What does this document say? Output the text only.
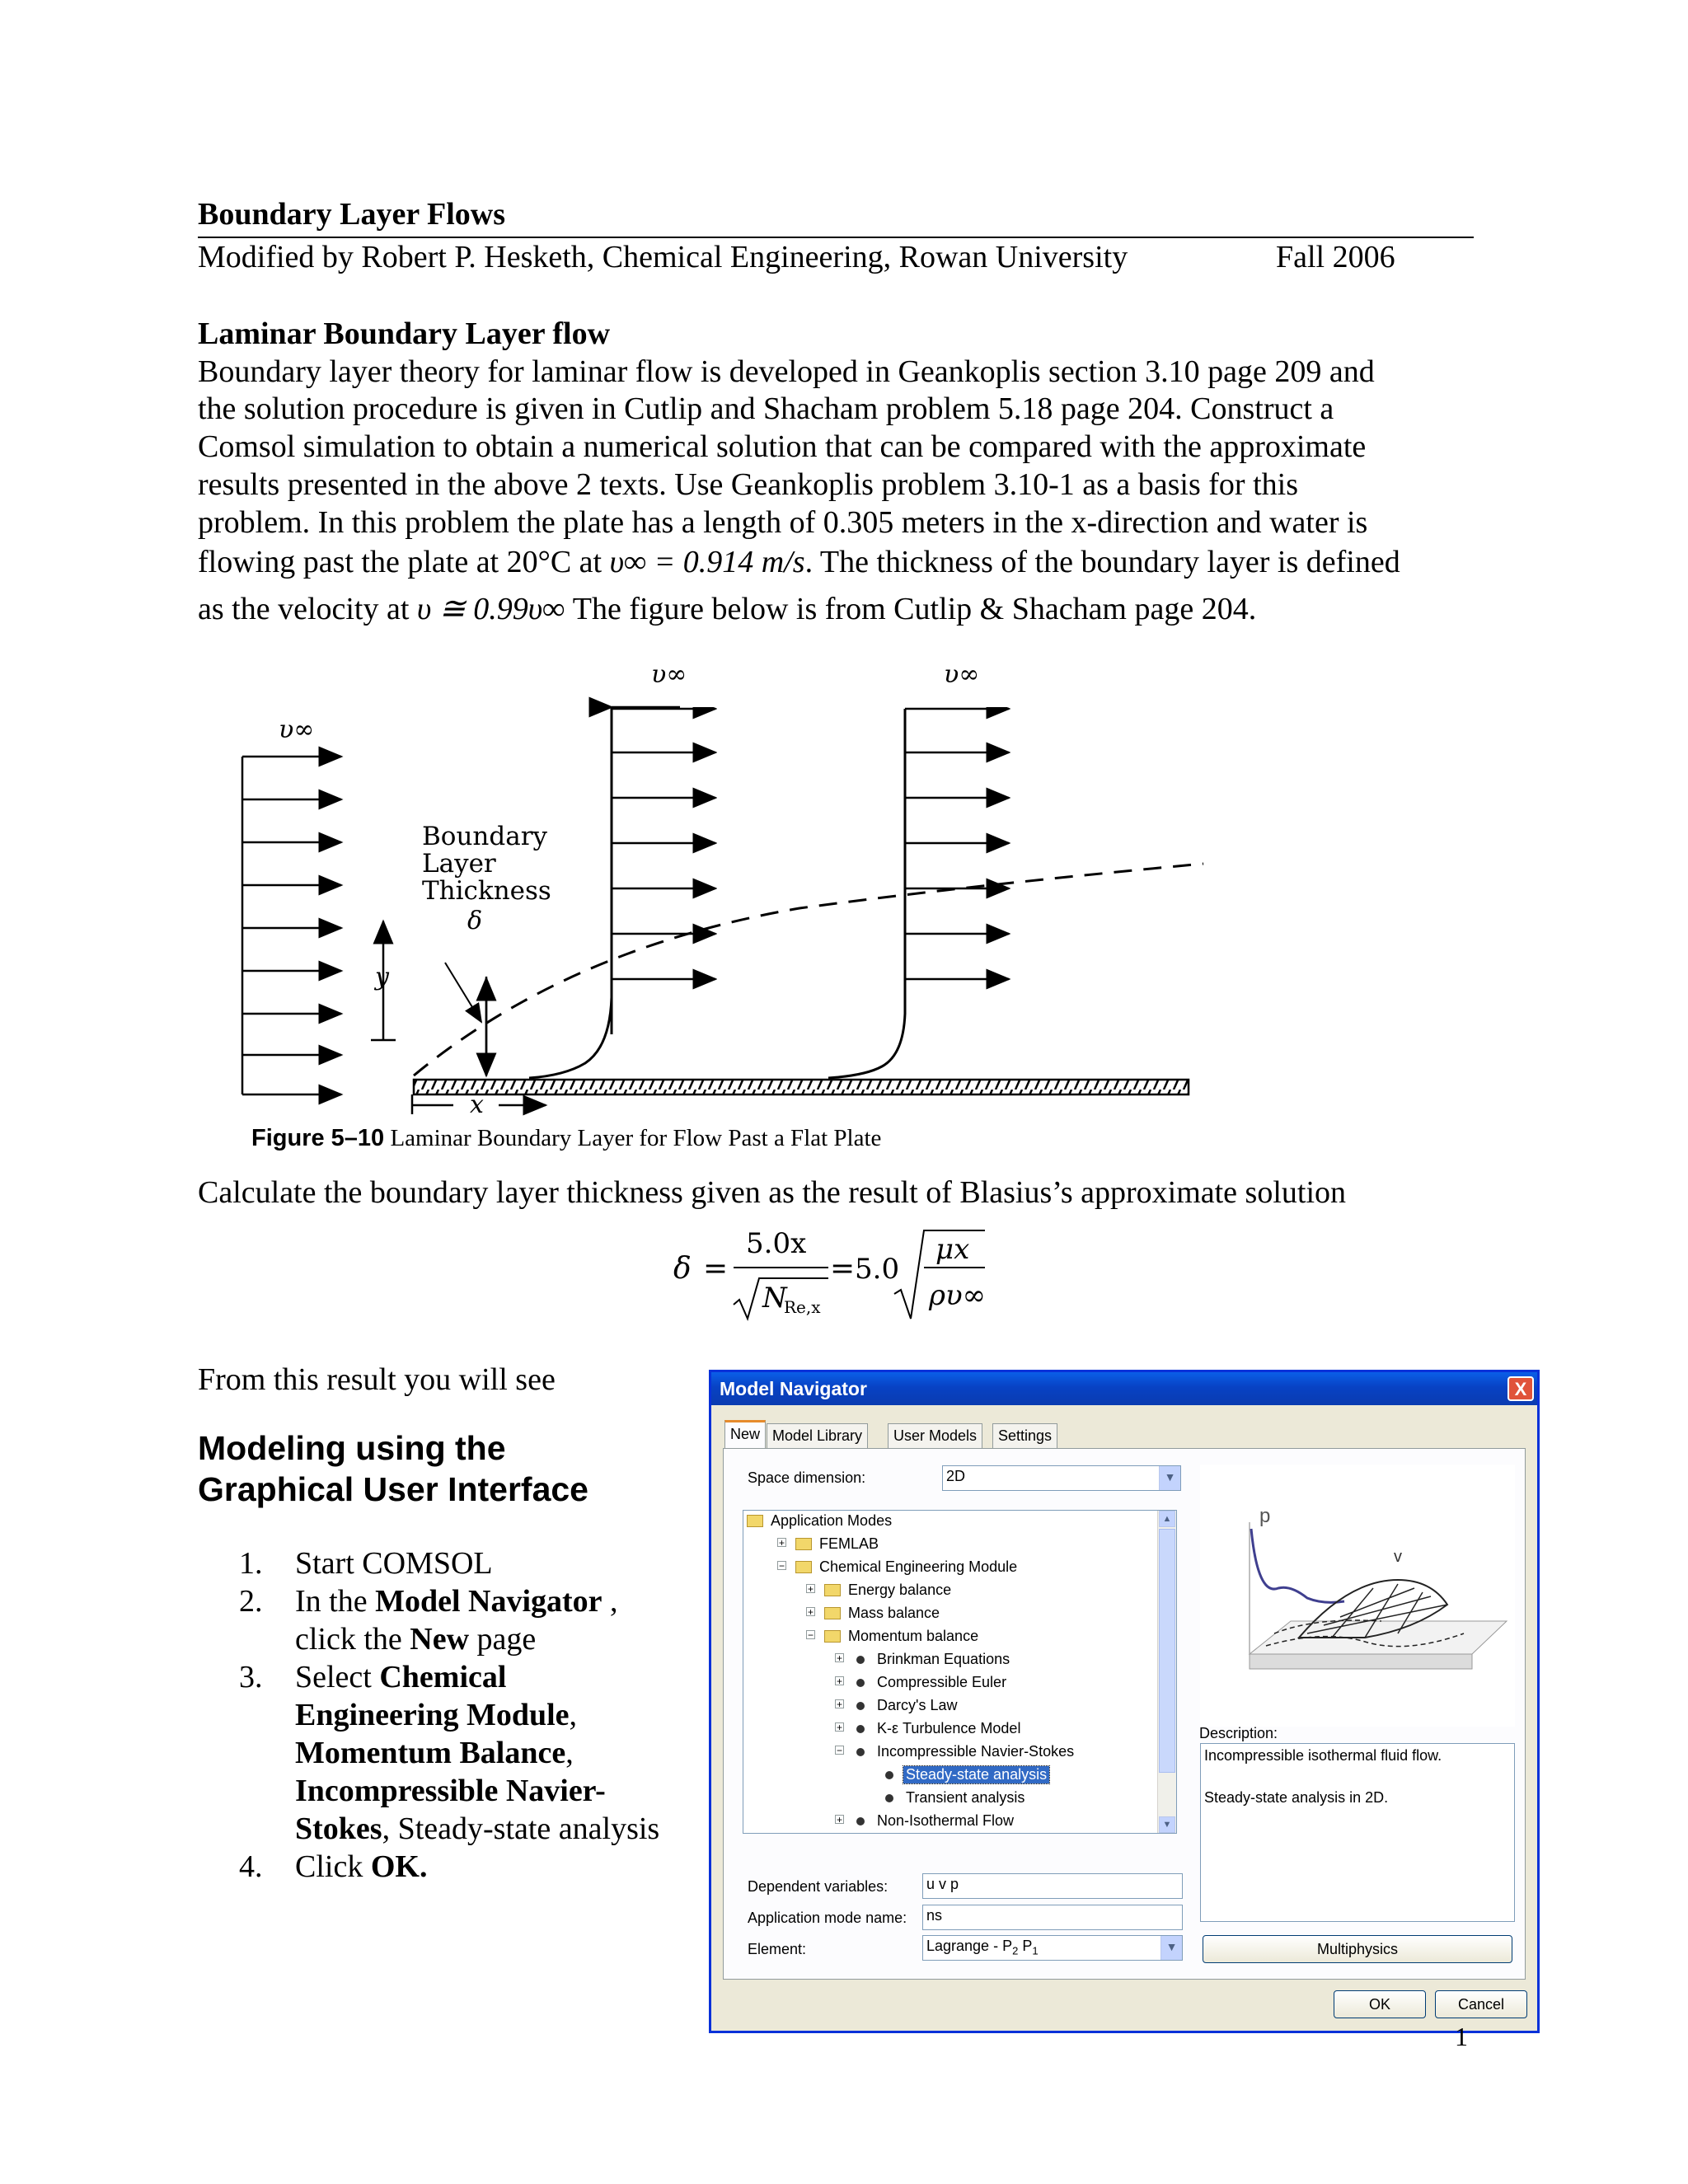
Boundary Layer Flows
Modified by Robert P. Hesketh, Chemical Engineering, Rowan University	Fall 2006
Laminar Boundary Layer flow
Boundary layer theory for laminar flow is developed in Geankoplis section 3.10 page 209 and
the solution procedure is given in Cutlip and Shacham problem 5.18 page 204. Construct a
Comsol simulation to obtain a numerical solution that can be compared with the approximate
results presented in the above 2 texts. Use Geankoplis problem 3.10-1 as a basis for this
problem. In this problem the plate has a length of 0.305 meters in the x-direction and water is
flowing past the plate at 20°C at υ∞ = 0.914 m/s. The thickness of the boundary layer is defined
as the velocity at υ ≅ 0.99υ∞ The figure below is from Cutlip & Shacham page 204.
υ∞
υ∞	υ∞
Boundary
Layer
Thickness
δ
y
x
Figure 5–10 Laminar Boundary Layer for Flow Past a Flat Plate
Calculate the boundary layer thickness given as the result of Blasius’s approximate solution
δ =
5.0x
N
Re,x
= 5.0
μx
ρυ∞
From this result you will see
Modeling using the
Graphical User Interface
1. Start COMSOL
2. In the Model Navigator ,
click the New page
3. Select Chemical
Engineering Module,
Momentum Balance,
Incompressible Navier-
Stokes, Steady-state analysis
4. Click OK.
Model Navigator	X
New Model Library	User Models	Settings
Space dimension:	2D	▼
Application Modes
+ FEMLAB
− Chemical Engineering Module
+ Energy balance
+ Mass balance
− Momentum balance
+ Brinkman Equations
+ Compressible Euler
+ Darcy's Law
+ K-ε Turbulence Model
− Incompressible Navier-Stokes
Steady-state analysis
Transient analysis
+ Non-Isothermal Flow
▲
▼
p
v
Description:
Incompressible isothermal fluid flow.
Steady-state analysis in 2D.
Dependent variables:	u v p
Application mode name: ns
Element:	Lagrange - $P_2$ $P_1$	▼	Multiphysics
OK	Cancel
1
